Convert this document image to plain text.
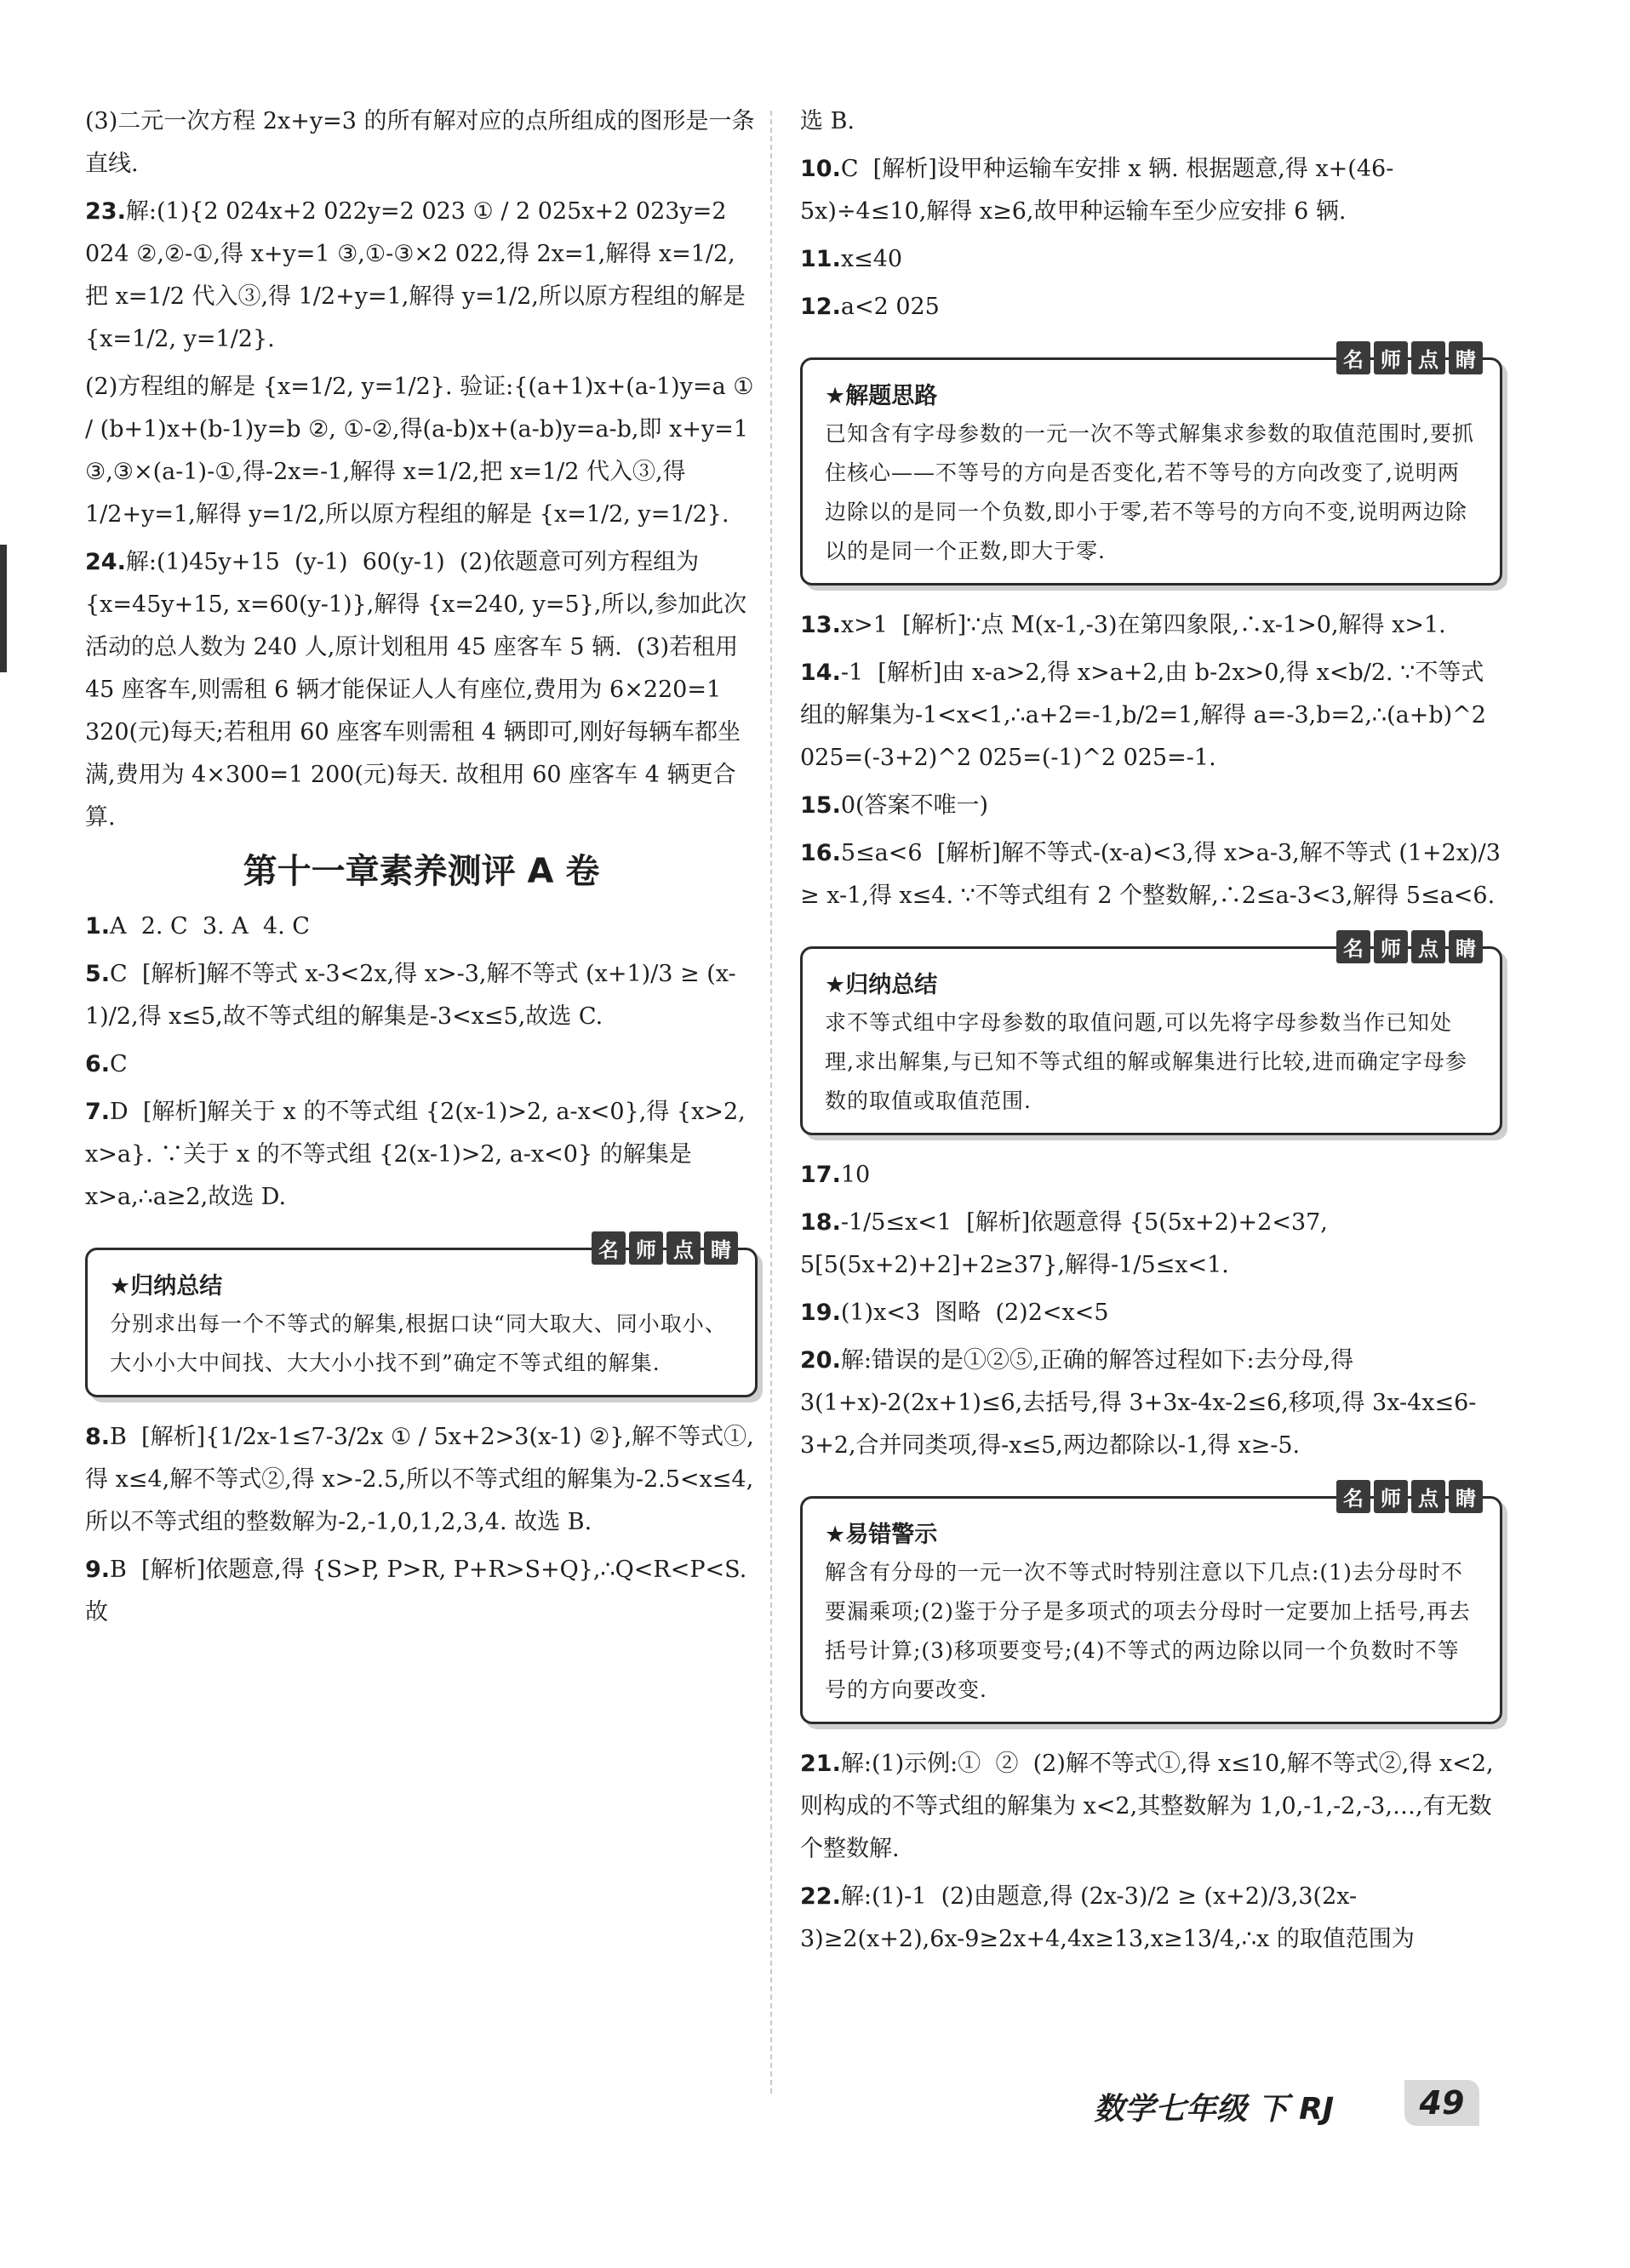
(3)二元一次方程 2x+y=3 的所有解对应的点所组成的图形是一条直线.
23.解:(1){2 024x+2 022y=2 023 ① / 2 025x+2 023y=2 024 ②,②-①,得 x+y=1 ③,①-③×2 022,得 2x=1,解得 x=1/2,把 x=1/2 代入③,得 1/2+y=1,解得 y=1/2,所以原方程组的解是 {x=1/2, y=1/2}.
(2)方程组的解是 {x=1/2, y=1/2}. 验证:{(a+1)x+(a-1)y=a ① / (b+1)x+(b-1)y=b ②, ①-②,得(a-b)x+(a-b)y=a-b,即 x+y=1 ③,③×(a-1)-①,得-2x=-1,解得 x=1/2,把 x=1/2 代入③,得 1/2+y=1,解得 y=1/2,所以原方程组的解是 {x=1/2, y=1/2}.
24.解:(1)45y+15  (y-1)  60(y-1)  (2)依题意可列方程组为 {x=45y+15, x=60(y-1)},解得 {x=240, y=5},所以,参加此次活动的总人数为 240 人,原计划租用 45 座客车 5 辆.  (3)若租用 45 座客车,则需租 6 辆才能保证人人有座位,费用为 6×220=1 320(元)每天;若租用 60 座客车则需租 4 辆即可,刚好每辆车都坐满,费用为 4×300=1 200(元)每天. 故租用 60 座客车 4 辆更合算.
第十一章素养测评 A 卷
1.A  2. C  3. A  4. C
5.C  [解析]解不等式 x-3<2x,得 x>-3,解不等式 (x+1)/3 ≥ (x-1)/2,得 x≤5,故不等式组的解集是-3<x≤5,故选 C.
6.C
7.D  [解析]解关于 x 的不等式组 {2(x-1)>2, a-x<0},得 {x>2, x>a}. ∵关于 x 的不等式组 {2(x-1)>2, a-x<0} 的解集是 x>a,∴a≥2,故选 D.
名 师 点 睛
★归纳总结
分别求出每一个不等式的解集,根据口诀“同大取大、同小取小、大小小大中间找、大大小小找不到”确定不等式组的解集.
8.B  [解析]{1/2x-1≤7-3/2x ① / 5x+2>3(x-1) ②},解不等式①,得 x≤4,解不等式②,得 x>-2.5,所以不等式组的解集为-2.5<x≤4,所以不等式组的整数解为-2,-1,0,1,2,3,4. 故选 B.
9.B  [解析]依题意,得 {S>P, P>R, P+R>S+Q},∴Q<R<P<S. 故
选 B.
10.C  [解析]设甲种运输车安排 x 辆. 根据题意,得 x+(46-5x)÷4≤10,解得 x≥6,故甲种运输车至少应安排 6 辆.
11.x≤40
12.a<2 025
名 师 点 睛
★解题思路
已知含有字母参数的一元一次不等式解集求参数的取值范围时,要抓住核心——不等号的方向是否变化,若不等号的方向改变了,说明两边除以的是同一个负数,即小于零,若不等号的方向不变,说明两边除以的是同一个正数,即大于零.
13.x>1  [解析]∵点 M(x-1,-3)在第四象限,∴x-1>0,解得 x>1.
14.-1  [解析]由 x-a>2,得 x>a+2,由 b-2x>0,得 x<b/2. ∵不等式组的解集为-1<x<1,∴a+2=-1,b/2=1,解得 a=-3,b=2,∴(a+b)^2 025=(-3+2)^2 025=(-1)^2 025=-1.
15.0(答案不唯一)
16.5≤a<6  [解析]解不等式-(x-a)<3,得 x>a-3,解不等式 (1+2x)/3 ≥ x-1,得 x≤4. ∵不等式组有 2 个整数解,∴2≤a-3<3,解得 5≤a<6.
名 师 点 睛
★归纳总结
求不等式组中字母参数的取值问题,可以先将字母参数当作已知处理,求出解集,与已知不等式组的解或解集进行比较,进而确定字母参数的取值或取值范围.
17.10
18.-1/5≤x<1  [解析]依题意得 {5(5x+2)+2<37, 5[5(5x+2)+2]+2≥37},解得-1/5≤x<1.
19.(1)x<3  图略  (2)2<x<5
20.解:错误的是①②⑤,正确的解答过程如下:去分母,得 3(1+x)-2(2x+1)≤6,去括号,得 3+3x-4x-2≤6,移项,得 3x-4x≤6-3+2,合并同类项,得-x≤5,两边都除以-1,得 x≥-5.
名 师 点 睛
★易错警示
解含有分母的一元一次不等式时特别注意以下几点:(1)去分母时不要漏乘项;(2)鉴于分子是多项式的项去分母时一定要加上括号,再去括号计算;(3)移项要变号;(4)不等式的两边除以同一个负数时不等号的方向要改变.
21.解:(1)示例:①  ②  (2)解不等式①,得 x≤10,解不等式②,得 x<2,则构成的不等式组的解集为 x<2,其整数解为 1,0,-1,-2,-3,…,有无数个整数解.
22.解:(1)-1  (2)由题意,得 (2x-3)/2 ≥ (x+2)/3,3(2x-3)≥2(x+2),6x-9≥2x+4,4x≥13,x≥13/4,∴x 的取值范围为
数学七年级 下 RJ	49
